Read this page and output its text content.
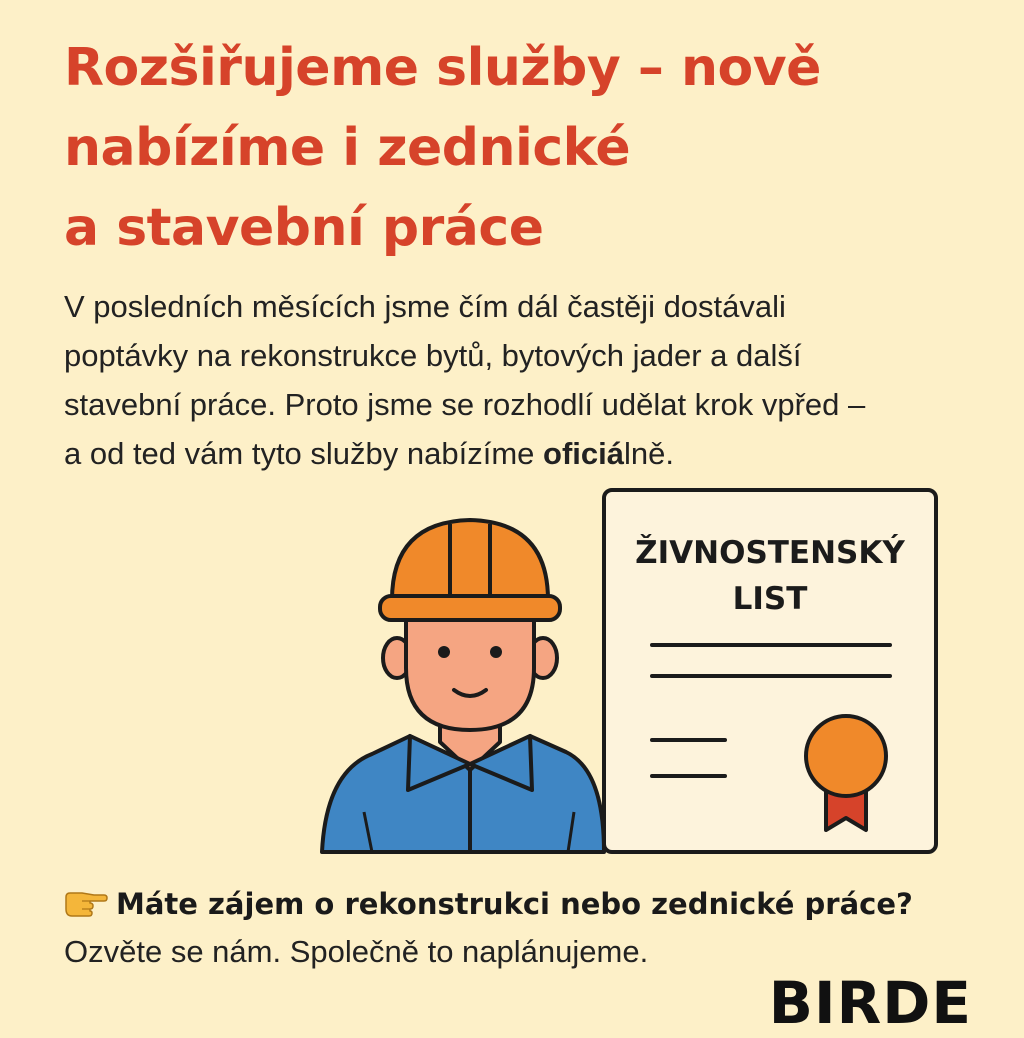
Rozšiřujeme služby – nově
nabízíme i zednické
a stavební práce

V posledních měsících jsme čím dál častěji dostávali
poptávky na rekonstrukce bytů, bytových jader a další
stavební práce. Proto jsme se rozhodlí udělat krok vpřed –
a od ted vám tyto služby nabízíme oficiálně.

ŽIVNOSTENSKÝ
LIST
Máte zájem o rekonstrukci nebo zednické práce?
Ozvěte se nám. Společně to naplánujeme.
BIRDE
